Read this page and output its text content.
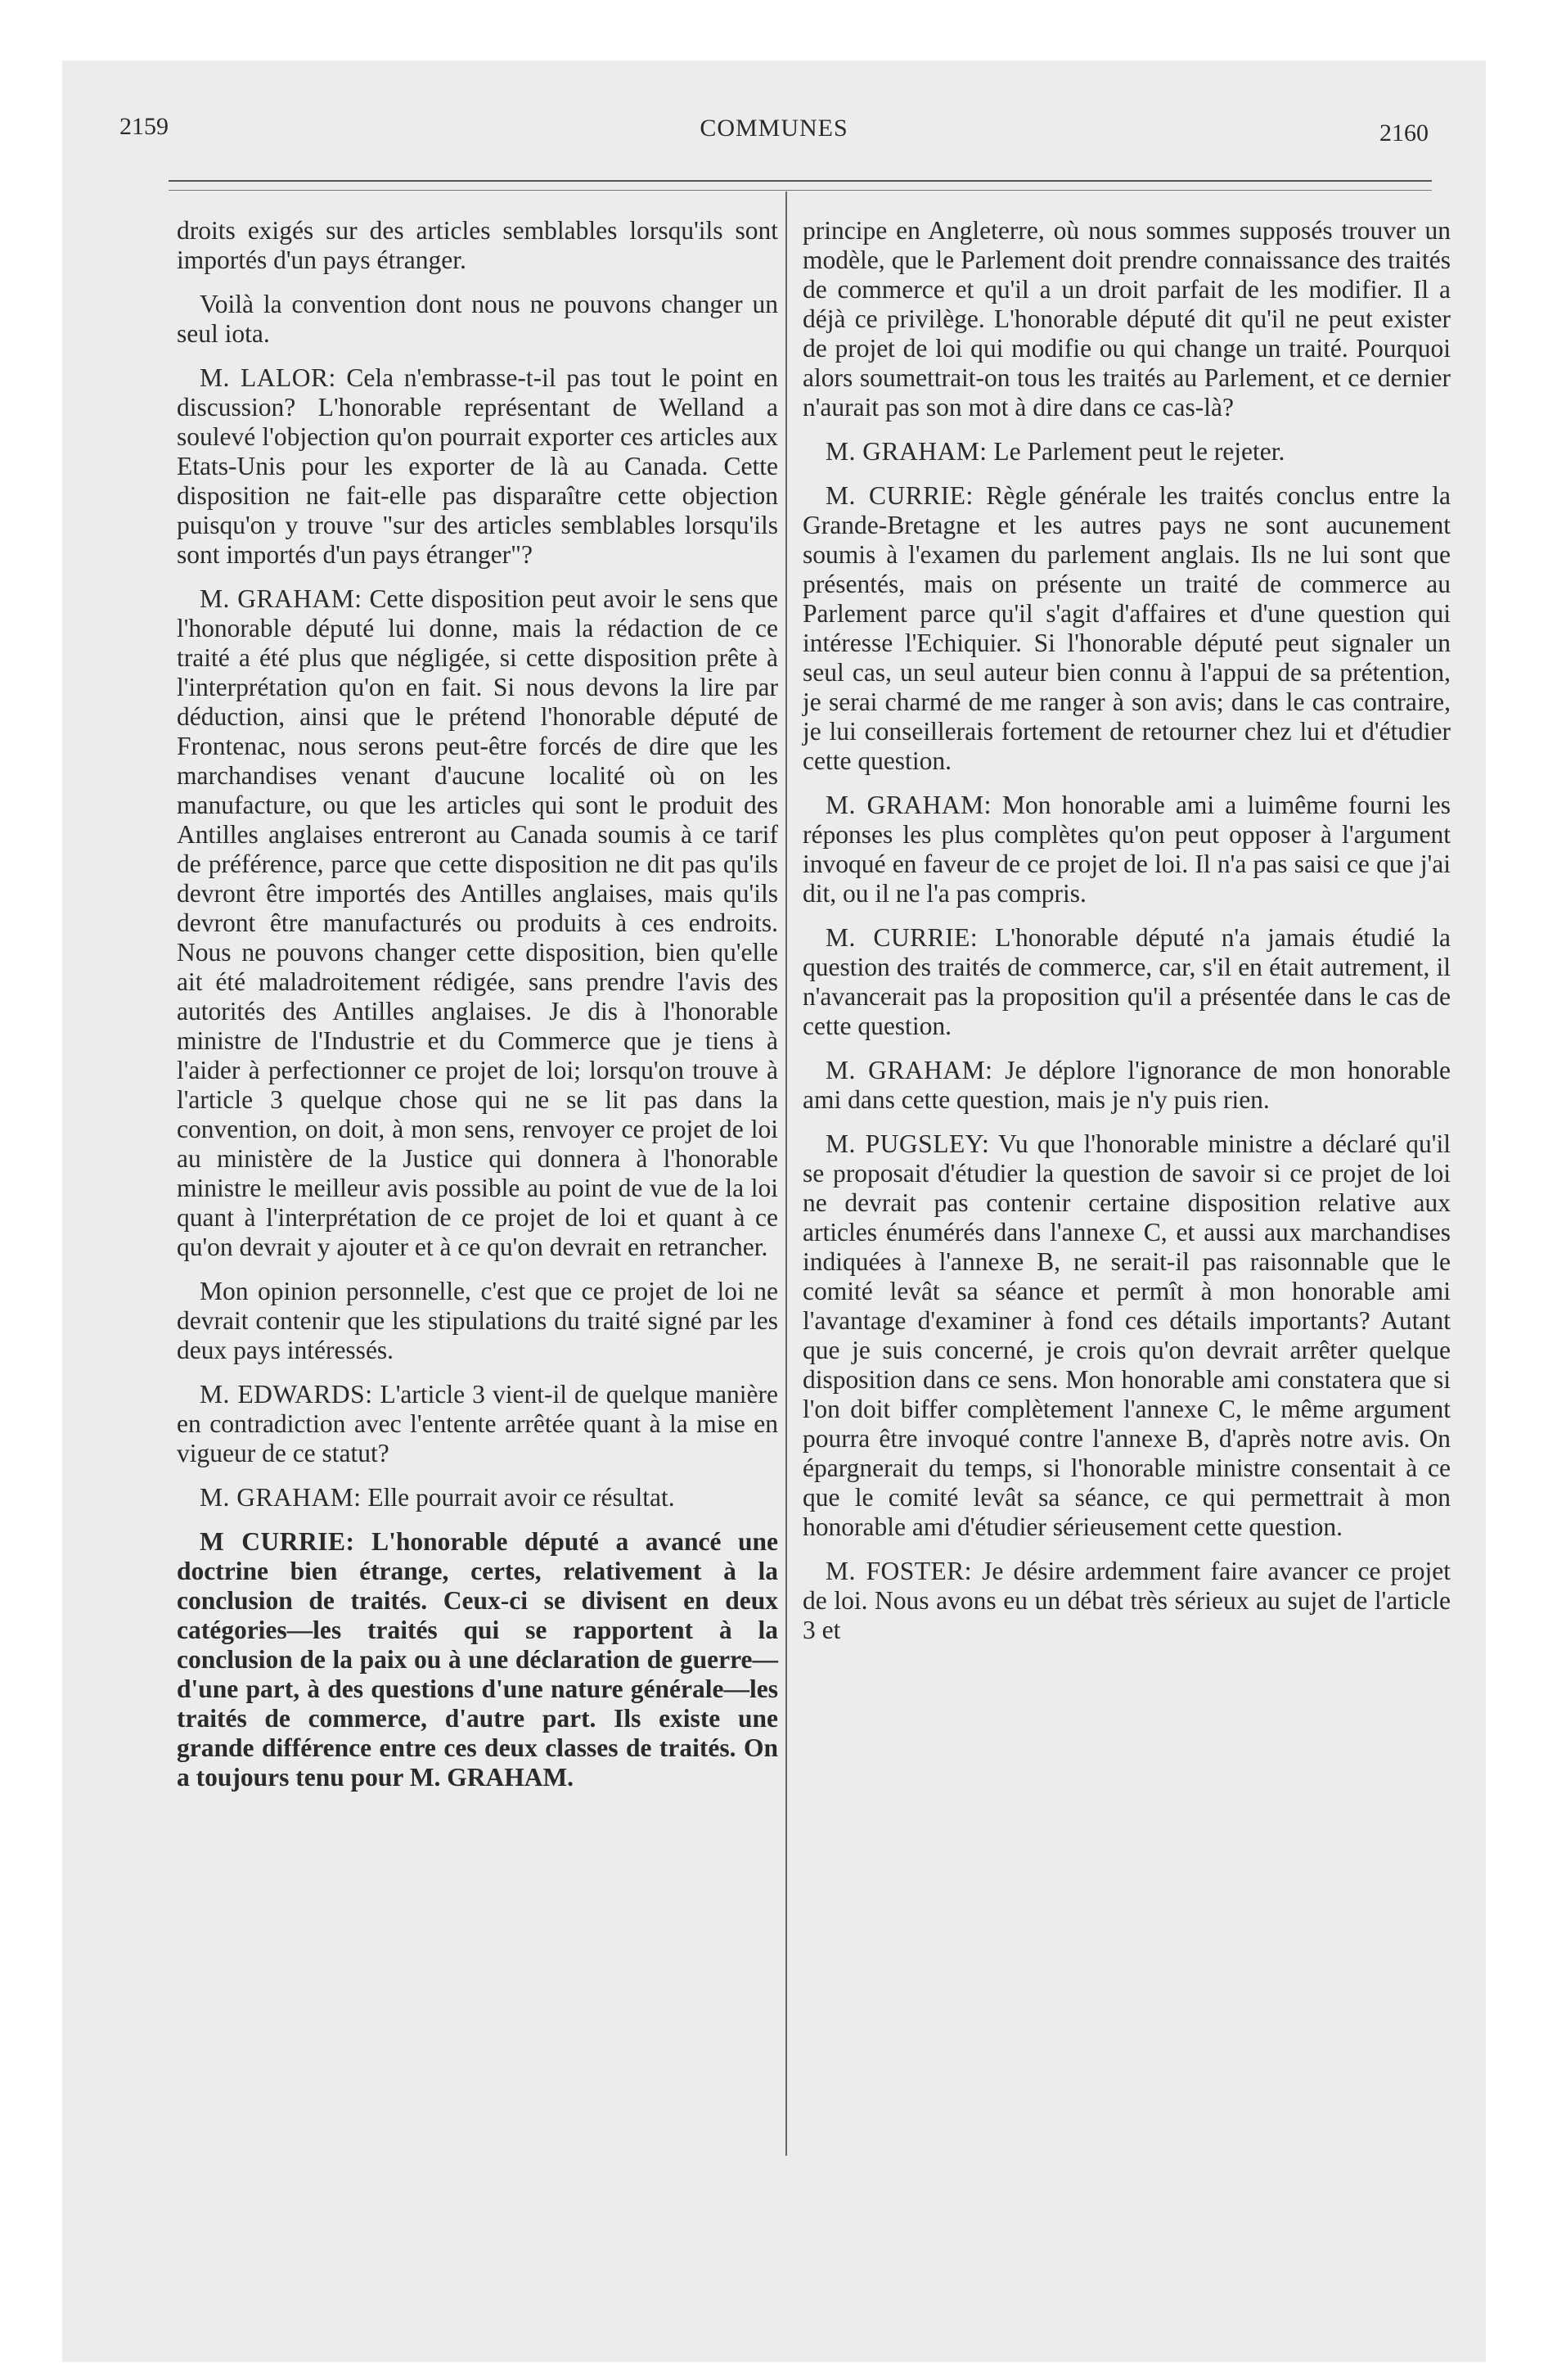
2159	COMMUNES	2160

droits exigés sur des articles semblables lorsqu'ils sont importés d'un pays étranger.

Voilà la convention dont nous ne pouvons changer un seul iota.

M. LALOR: Cela n'embrasse-t-il pas tout le point en discussion? L'honorable représentant de Welland a soulevé l'objection qu'on pourrait exporter ces articles aux Etats-Unis pour les exporter de là au Canada. Cette disposition ne fait-elle pas disparaître cette objection puisqu'on y trouve "sur des articles semblables lorsqu'ils sont importés d'un pays étranger"?

M. GRAHAM: Cette disposition peut avoir le sens que l'honorable député lui donne, mais la rédaction de ce traité a été plus que négligée, si cette disposition prête à l'interprétation qu'on en fait. Si nous devons la lire par déduction, ainsi que le prétend l'honorable député de Frontenac, nous serons peut-être forcés de dire que les marchandises venant d'aucune localité où on les manufacture, ou que les articles qui sont le produit des Antilles anglaises entreront au Canada soumis à ce tarif de préférence, parce que cette disposition ne dit pas qu'ils devront être importés des Antilles anglaises, mais qu'ils devront être manufacturés ou produits à ces endroits. Nous ne pouvons changer cette disposition, bien qu'elle ait été maladroitement rédigée, sans prendre l'avis des autorités des Antilles anglaises. Je dis à l'honorable ministre de l'Industrie et du Commerce que je tiens à l'aider à perfectionner ce projet de loi; lorsqu'on trouve à l'article 3 quelque chose qui ne se lit pas dans la convention, on doit, à mon sens, renvoyer ce projet de loi au ministère de la Justice qui donnera à l'honorable ministre le meilleur avis possible au point de vue de la loi quant à l'interprétation de ce projet de loi et quant à ce qu'on devrait y ajouter et à ce qu'on devrait en retrancher.

Mon opinion personnelle, c'est que ce projet de loi ne devrait contenir que les stipulations du traité signé par les deux pays intéressés.

M. EDWARDS: L'article 3 vient-il de quelque manière en contradiction avec l'entente arrêtée quant à la mise en vigueur de ce statut?

M. GRAHAM: Elle pourrait avoir ce résultat.

M CURRIE: L'honorable député a avancé une doctrine bien étrange, certes, relativement à la conclusion de traités. Ceux-ci se divisent en deux catégories—les traités qui se rapportent à la conclusion de la paix ou à une déclaration de guerre—d'une part, à des questions d'une nature générale—les traités de commerce, d'autre part. Ils existe une grande différence entre ces deux classes de traités. On a toujours tenu pour M. GRAHAM.

principe en Angleterre, où nous sommes supposés trouver un modèle, que le Parlement doit prendre connaissance des traités de commerce et qu'il a un droit parfait de les modifier. Il a déjà ce privilège. L'honorable député dit qu'il ne peut exister de projet de loi qui modifie ou qui change un traité. Pourquoi alors soumettrait-on tous les traités au Parlement, et ce dernier n'aurait pas son mot à dire dans ce cas-là?

M. GRAHAM: Le Parlement peut le rejeter.

M. CURRIE: Règle générale les traités conclus entre la Grande-Bretagne et les autres pays ne sont aucunement soumis à l'examen du parlement anglais. Ils ne lui sont que présentés, mais on présente un traité de commerce au Parlement parce qu'il s'agit d'affaires et d'une question qui intéresse l'Echiquier. Si l'honorable député peut signaler un seul cas, un seul auteur bien connu à l'appui de sa prétention, je serai charmé de me ranger à son avis; dans le cas contraire, je lui conseillerais fortement de retourner chez lui et d'étudier cette question.

M. GRAHAM: Mon honorable ami a luimême fourni les réponses les plus complètes qu'on peut opposer à l'argument invoqué en faveur de ce projet de loi. Il n'a pas saisi ce que j'ai dit, ou il ne l'a pas compris.

M. CURRIE: L'honorable député n'a jamais étudié la question des traités de commerce, car, s'il en était autrement, il n'avancerait pas la proposition qu'il a présentée dans le cas de cette question.

M. GRAHAM: Je déplore l'ignorance de mon honorable ami dans cette question, mais je n'y puis rien.

M. PUGSLEY: Vu que l'honorable ministre a déclaré qu'il se proposait d'étudier la question de savoir si ce projet de loi ne devrait pas contenir certaine disposition relative aux articles énumérés dans l'annexe C, et aussi aux marchandises indiquées à l'annexe B, ne serait-il pas raisonnable que le comité levât sa séance et permît à mon honorable ami l'avantage d'examiner à fond ces détails importants? Autant que je suis concerné, je crois qu'on devrait arrêter quelque disposition dans ce sens. Mon honorable ami constatera que si l'on doit biffer complètement l'annexe C, le même argument pourra être invoqué contre l'annexe B, d'après notre avis. On épargnerait du temps, si l'honorable ministre consentait à ce que le comité levât sa séance, ce qui permettrait à mon honorable ami d'étudier sérieusement cette question.

M. FOSTER: Je désire ardemment faire avancer ce projet de loi. Nous avons eu un débat très sérieux au sujet de l'article 3 et
